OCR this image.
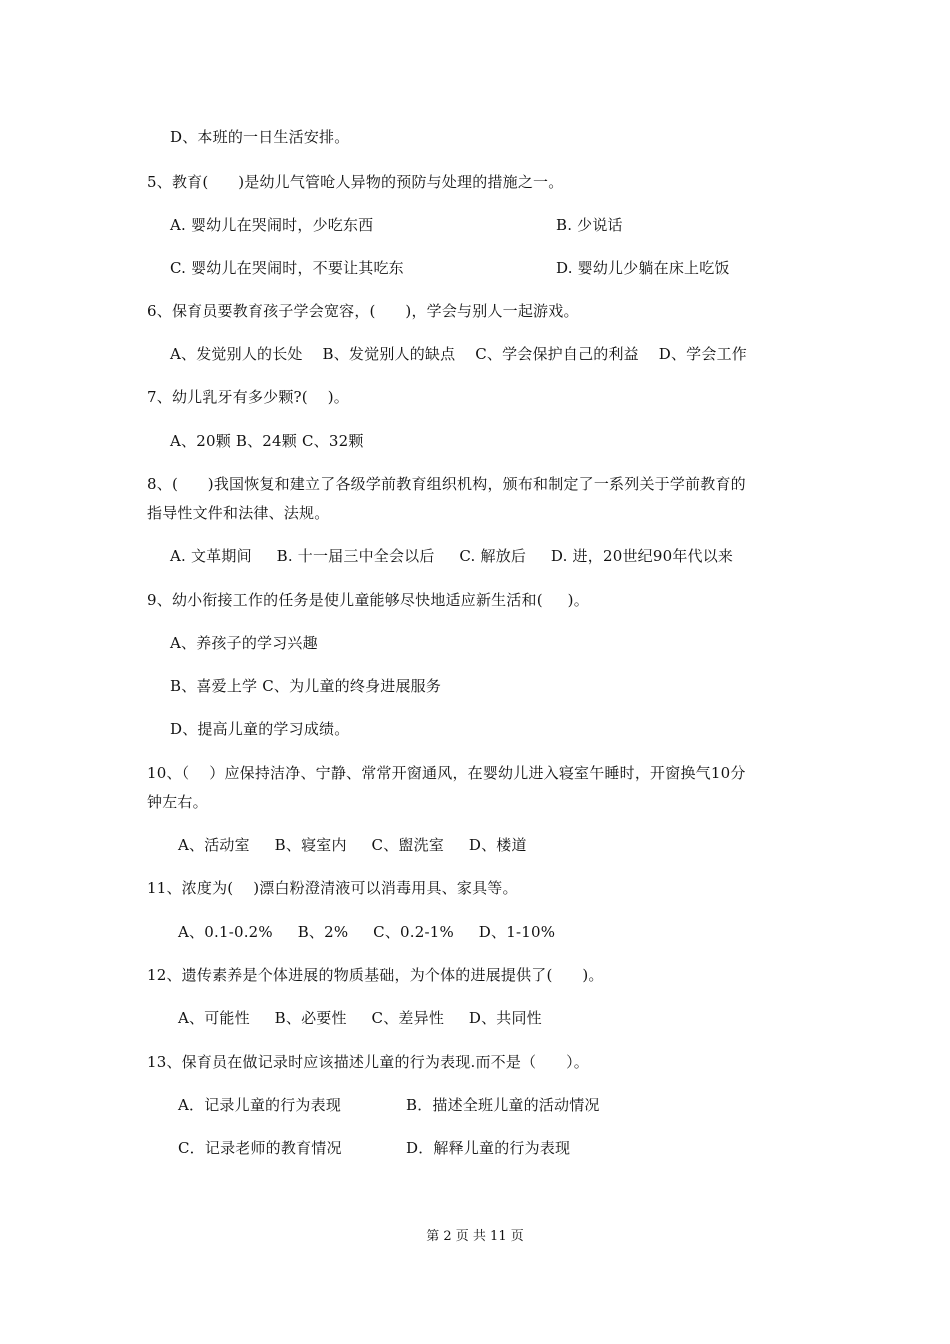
D、本班的一日生活安排。
5、教育(      )是幼儿气管呛人异物的预防与处理的措施之一。
A. 婴幼儿在哭闹时，少吃东西	B. 少说话
C. 婴幼儿在哭闹时，不要让其吃东	D. 婴幼儿少躺在床上吃饭
6、保育员要教育孩子学会宽容，(      )，学会与别人一起游戏。
A、发觉别人的长处    B、发觉别人的缺点    C、学会保护自己的利益    D、学会工作
7、幼儿乳牙有多少颗?(    )。
A、20颗 B、24颗 C、32颗
8、(      )我国恢复和建立了各级学前教育组织机构，颁布和制定了一系列关于学前教育的
指导性文件和法律、法规。
A. 文革期间     B. 十一届三中全会以后     C. 解放后     D. 进，20世纪90年代以来
9、幼小衔接工作的任务是使儿童能够尽快地适应新生活和(     )。
A、养孩子的学习兴趣
B、喜爱上学 C、为儿童的终身进展服务
D、提高儿童的学习成绩。
10、（    ）应保持洁净、宁静、常常开窗通风，在婴幼儿进入寝室午睡时，开窗换气10分
钟左右。
A、活动室     B、寝室内     C、盥洗室     D、楼道
11、浓度为(    )漂白粉澄清液可以消毒用具、家具等。
A、0.1-0.2%     B、2%     C、0.2-1%     D、1-10%
12、遗传素养是个体进展的物质基础，为个体的进展提供了(      )。
A、可能性     B、必要性     C、差异性     D、共同性
13、保育员在做记录时应该描述儿童的行为表现.而不是（      ）。
A．记录儿童的行为表现	B．描述全班儿童的活动情况
C．记录老师的教育情况	D．解释儿童的行为表现
第 2 页 共 11 页
